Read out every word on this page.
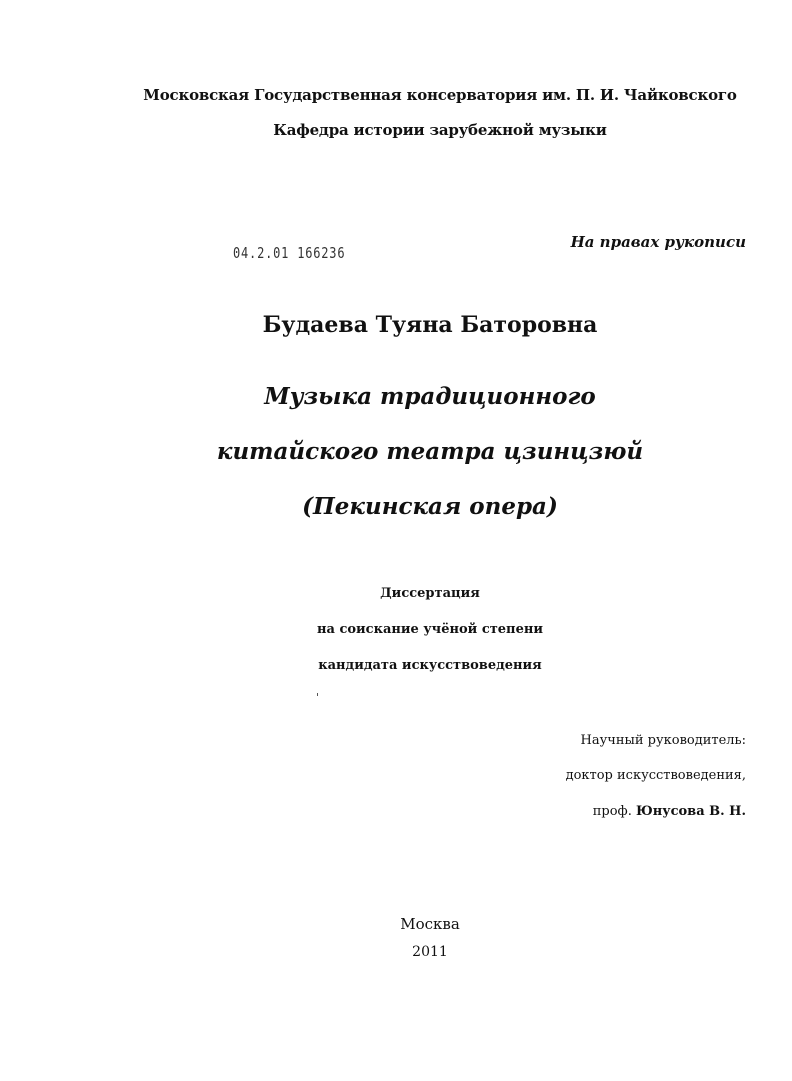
Московская Государственная консерватория им. П. И. Чайковского

Кафедра истории зарубежной музыки

04.2.01 166236

На правах рукописи

Будаева Туяна Баторовна

Музыка традиционного

китайского театра цзинцзюй

(Пекинская опера)

Диссертация

на соискание учёной степени

кандидата искусствоведения

Научный руководитель:

доктор искусствоведения,

проф. Юнусова В. Н.

Москва

2011
